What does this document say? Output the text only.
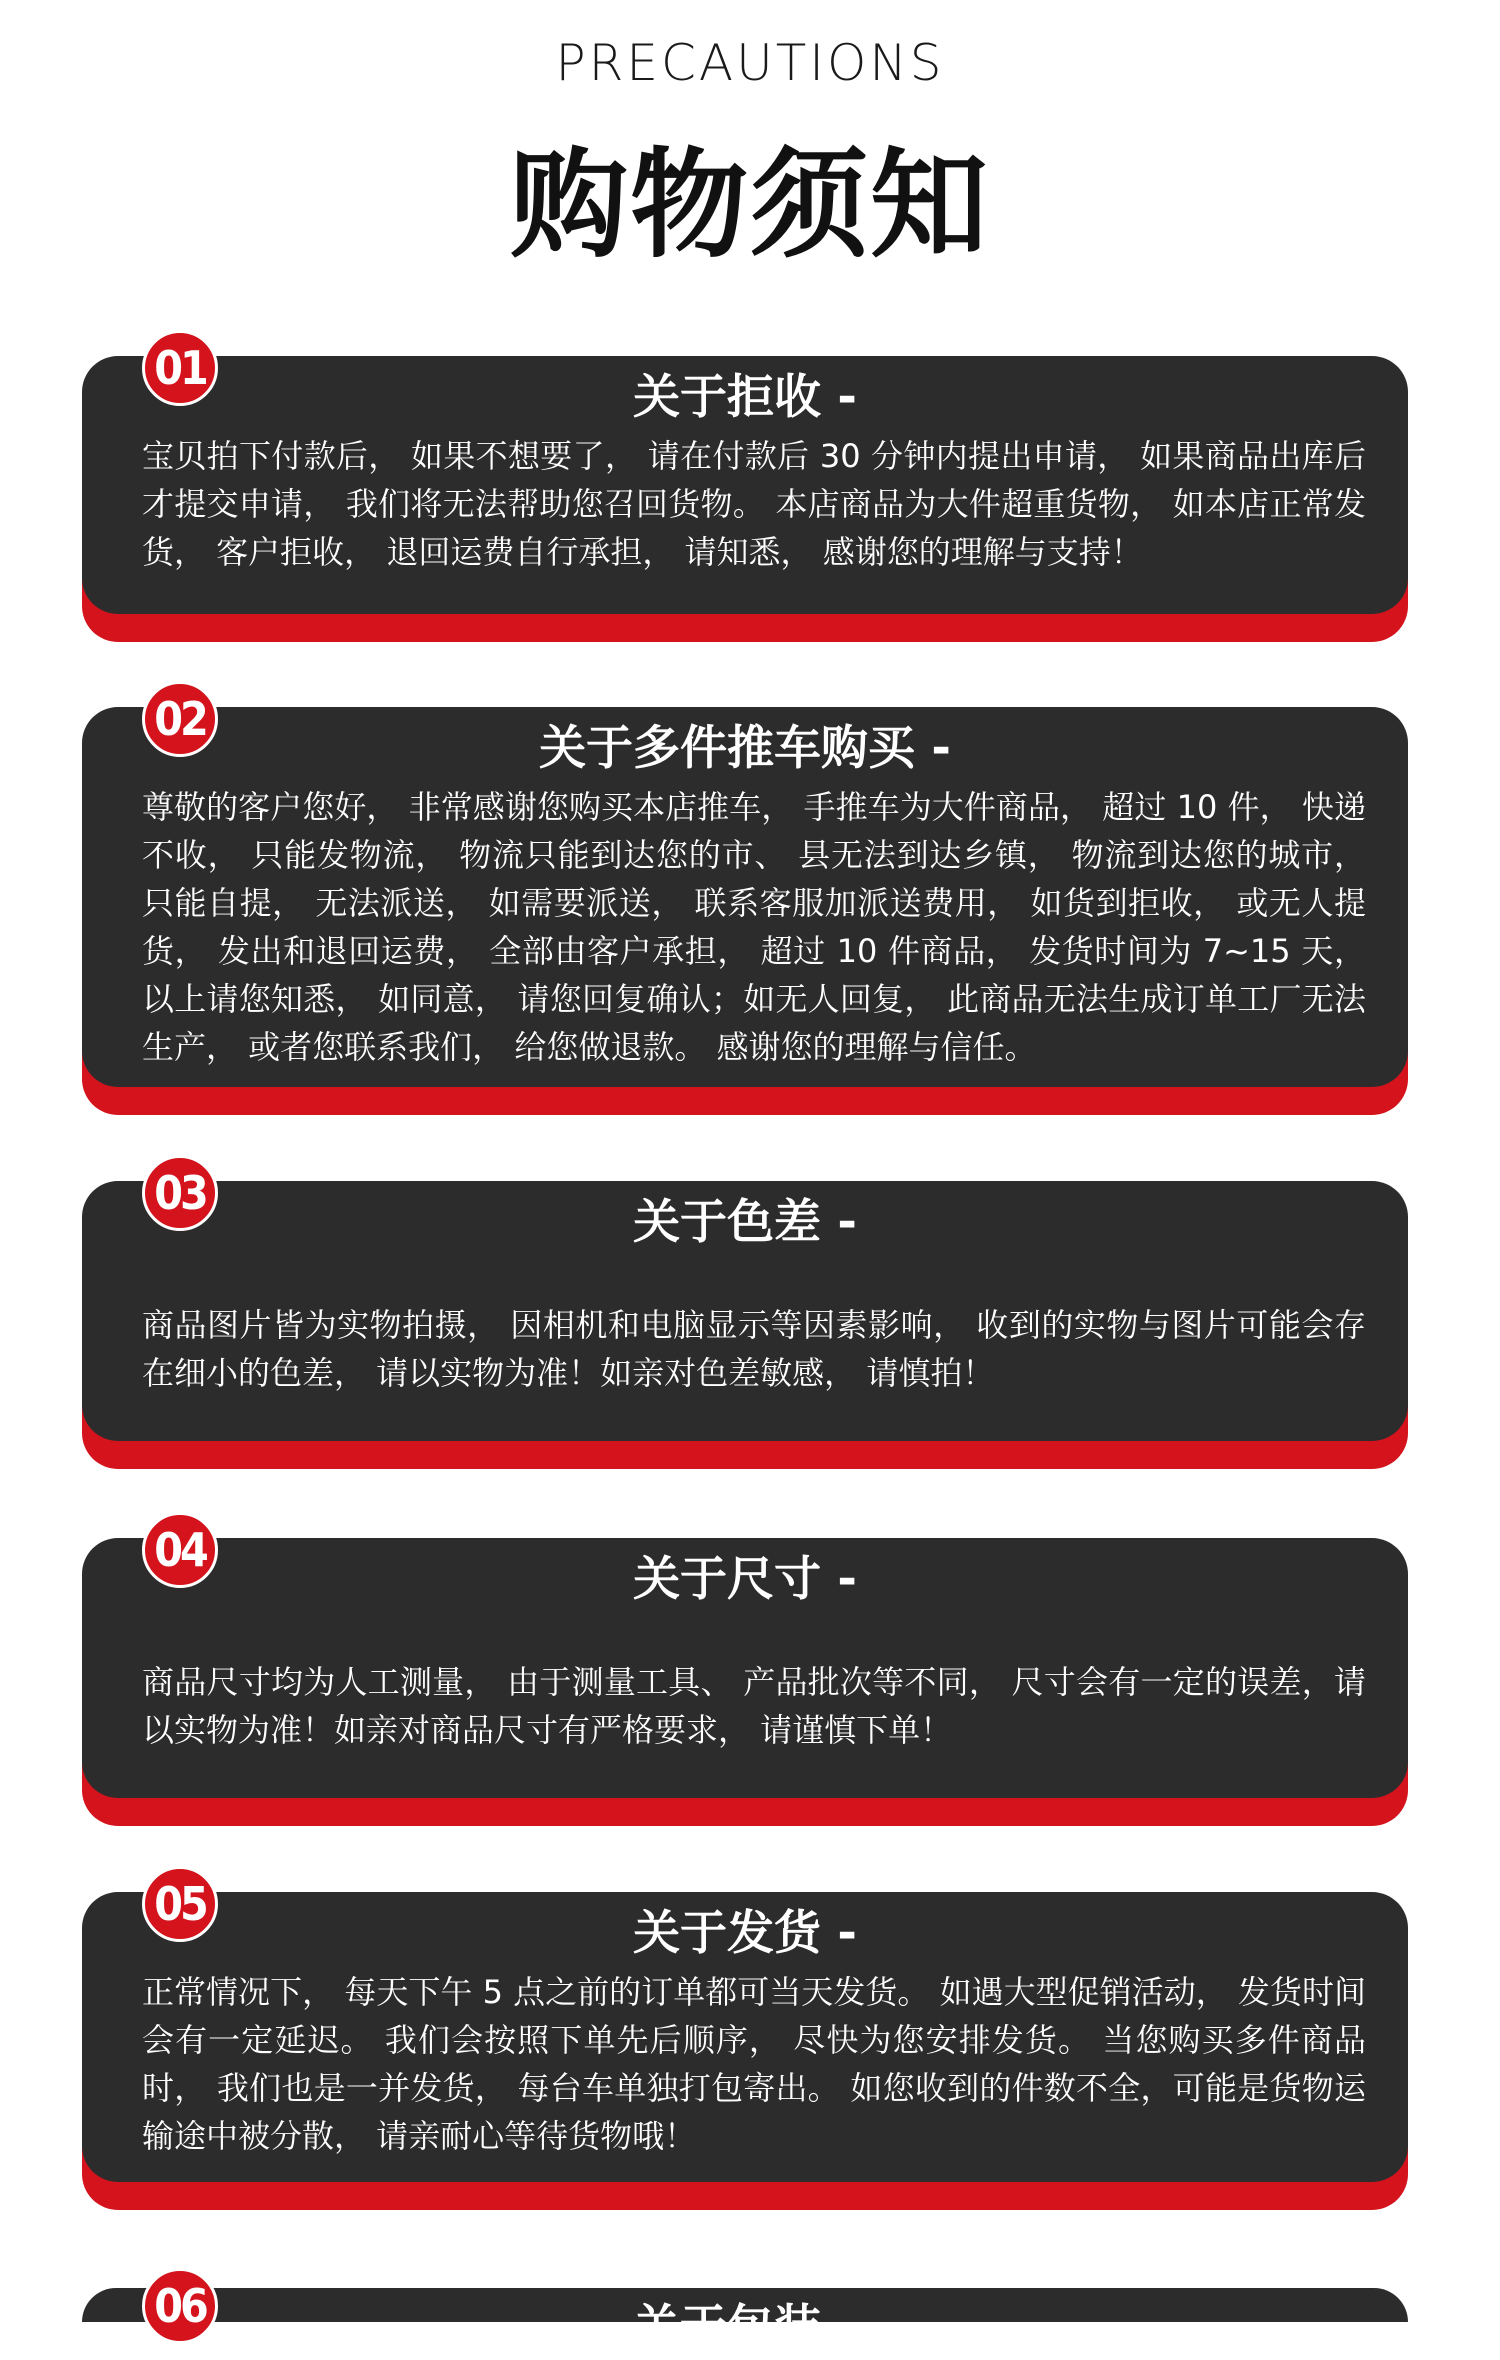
PRECAUTIONS
购物须知
01
关于拒收 -
宝贝拍下付款后， 如果不想要了， 请在付款后 30 分钟内提出申请， 如果商品出库后才提交申请， 我们将无法帮助您召回货物。 本店商品为大件超重货物， 如本店正常发货， 客户拒收， 退回运费自行承担， 请知悉， 感谢您的理解与支持！
02
关于多件推车购买 -
尊敬的客户您好， 非常感谢您购买本店推车， 手推车为大件商品， 超过 10 件， 快递不收， 只能发物流， 物流只能到达您的市、 县无法到达乡镇， 物流到达您的城市， 只能自提， 无法派送， 如需要派送， 联系客服加派送费用， 如货到拒收， 或无人提货， 发出和退回运费， 全部由客户承担， 超过 10 件商品， 发货时间为 7~15 天， 以上请您知悉， 如同意， 请您回复确认；如无人回复， 此商品无法生成订单工厂无法生产， 或者您联系我们， 给您做退款。 感谢您的理解与信任。
03
关于色差 -
商品图片皆为实物拍摄， 因相机和电脑显示等因素影响， 收到的实物与图片可能会存在细小的色差， 请以实物为准！如亲对色差敏感， 请慎拍！
04
关于尺寸 -
商品尺寸均为人工测量， 由于测量工具、 产品批次等不同， 尺寸会有一定的误差，请以实物为准！如亲对商品尺寸有严格要求， 请谨慎下单！
05
关于发货 -
正常情况下， 每天下午 5 点之前的订单都可当天发货。 如遇大型促销活动， 发货时间会有一定延迟。 我们会按照下单先后顺序， 尽快为您安排发货。 当您购买多件商品时， 我们也是一并发货， 每台车单独打包寄出。 如您收到的件数不全，可能是货物运输途中被分散， 请亲耐心等待货物哦！
06	关于包装 -
